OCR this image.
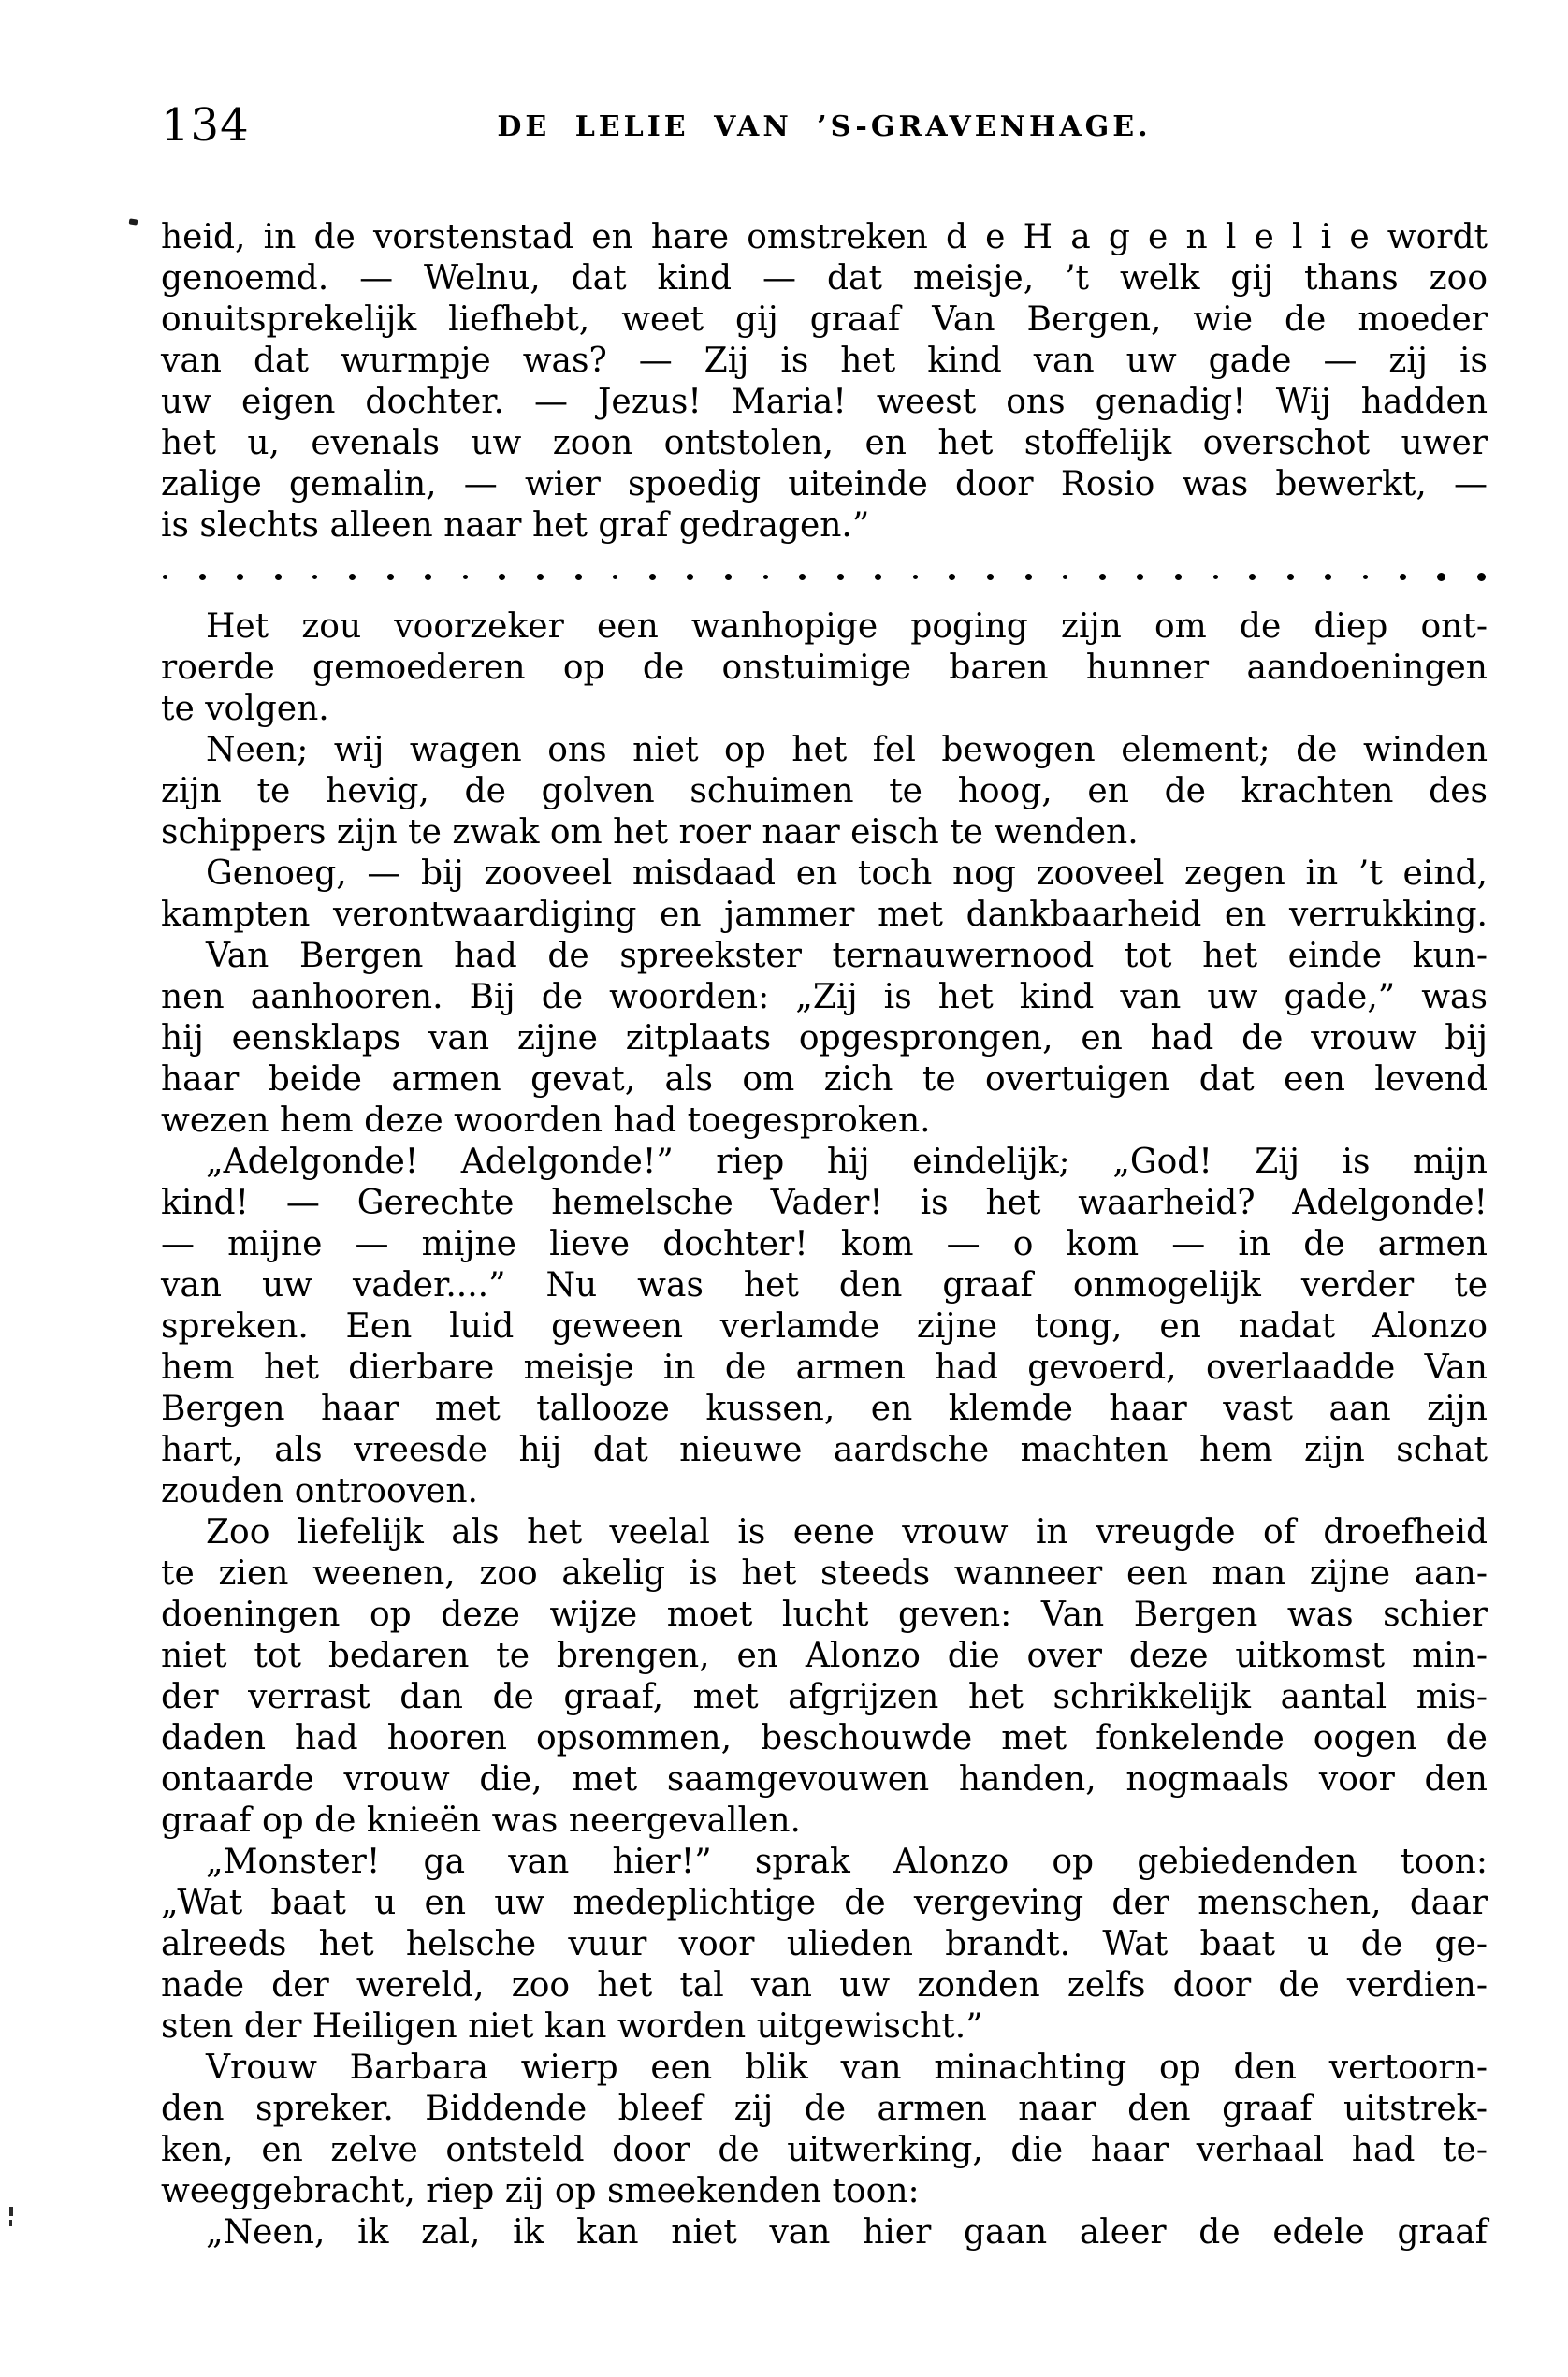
134	DE LELIE VAN ’S-GRAVENHAGE.
heid, in de vorstenstad en hare omstreken d e H a g e n l e l i e wordt
genoemd. — Welnu, dat kind — dat meisje, ’t welk gij thans zoo
onuitsprekelijk liefhebt, weet gij graaf Van Bergen, wie de moeder
van dat wurmpje was? — Zij is het kind van uw gade — zij is
uw eigen dochter. — Jezus! Maria! weest ons genadig! Wij hadden
het u, evenals uw zoon ontstolen, en het stoffelijk overschot uwer
zalige gemalin, — wier spoedig uiteinde door Rosio was bewerkt, —
is slechts alleen naar het graf gedragen.”
Het zou voorzeker een wanhopige poging zijn om de diep ont-
roerde gemoederen op de onstuimige baren hunner aandoeningen
te volgen.
Neen; wij wagen ons niet op het fel bewogen element; de winden
zijn te hevig, de golven schuimen te hoog, en de krachten des
schippers zijn te zwak om het roer naar eisch te wenden.
Genoeg, — bij zooveel misdaad en toch nog zooveel zegen in ’t eind,
kampten verontwaardiging en jammer met dankbaarheid en verrukking.
Van Bergen had de spreekster ternauwernood tot het einde kun-
nen aanhooren. Bij de woorden: „Zij is het kind van uw gade,” was
hij eensklaps van zijne zitplaats opgesprongen, en had de vrouw bij
haar beide armen gevat, als om zich te overtuigen dat een levend
wezen hem deze woorden had toegesproken.
„Adelgonde! Adelgonde!” riep hij eindelijk; „God! Zij is mijn
kind! — Gerechte hemelsche Vader! is het waarheid? Adelgonde!
— mijne — mijne lieve dochter! kom — o kom — in de armen
van uw vader....” Nu was het den graaf onmogelijk verder te
spreken. Een luid geween verlamde zijne tong, en nadat Alonzo
hem het dierbare meisje in de armen had gevoerd, overlaadde Van
Bergen haar met tallooze kussen, en klemde haar vast aan zijn
hart, als vreesde hij dat nieuwe aardsche machten hem zijn schat
zouden ontrooven.
Zoo liefelijk als het veelal is eene vrouw in vreugde of droefheid
te zien weenen, zoo akelig is het steeds wanneer een man zijne aan-
doeningen op deze wijze moet lucht geven: Van Bergen was schier
niet tot bedaren te brengen, en Alonzo die over deze uitkomst min-
der verrast dan de graaf, met afgrijzen het schrikkelijk aantal mis-
daden had hooren opsommen, beschouwde met fonkelende oogen de
ontaarde vrouw die, met saamgevouwen handen, nogmaals voor den
graaf op de knieën was neergevallen.
„Monster! ga van hier!” sprak Alonzo op gebiedenden toon:
„Wat baat u en uw medeplichtige de vergeving der menschen, daar
alreeds het helsche vuur voor ulieden brandt. Wat baat u de ge-
nade der wereld, zoo het tal van uw zonden zelfs door de verdien-
sten der Heiligen niet kan worden uitgewischt.”
Vrouw Barbara wierp een blik van minachting op den vertoorn-
den spreker. Biddende bleef zij de armen naar den graaf uitstrek-
ken, en zelve ontsteld door de uitwerking, die haar verhaal had te-
weeggebracht, riep zij op smeekenden toon:
„Neen, ik zal, ik kan niet van hier gaan aleer de edele graaf
